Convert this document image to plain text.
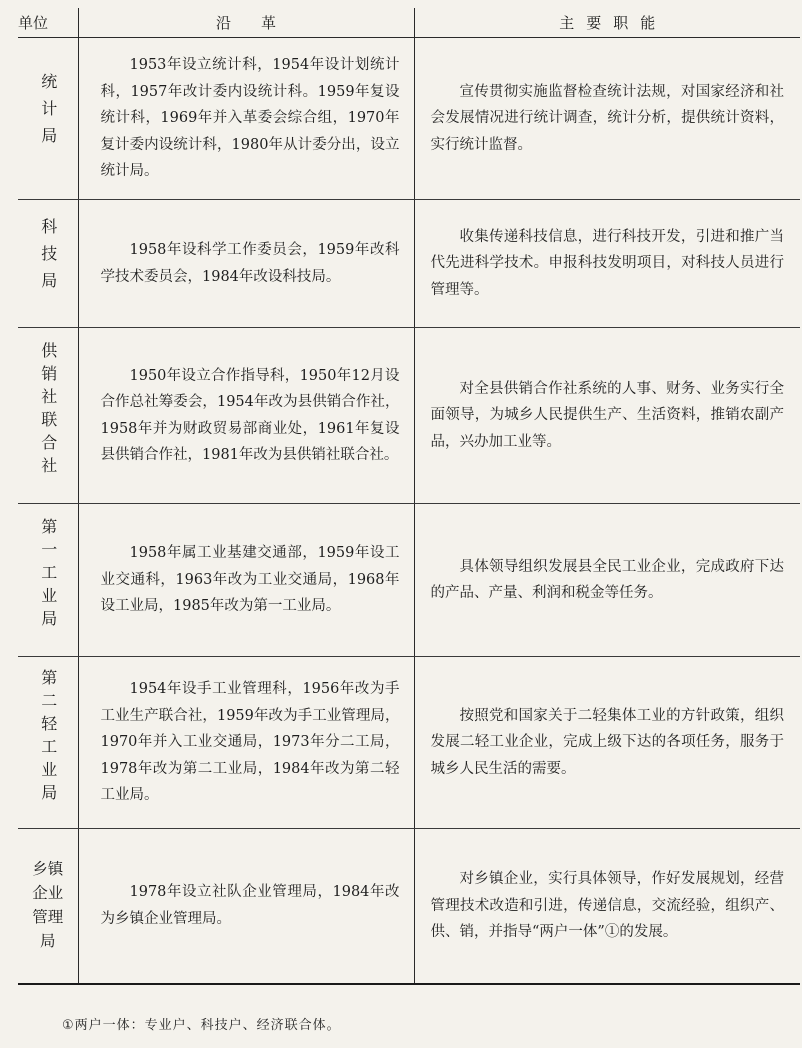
单位	沿革	主要职能
统计局	1953年设立统计科，1954年设计划统计科，1957年改计委内设统计科。1959年复设统计科，1969年并入革委会综合组，1970年复计委内设统计科，1980年从计委分出，设立统计局。	宣传贯彻实施监督检查统计法规，对国家经济和社会发展情况进行统计调查，统计分析，提供统计资料，实行统计监督。

科技局	1958年设科学工作委员会，1959年改科学技术委员会，1984年改设科技局。	收集传递科技信息，进行科技开发，引进和推广当代先进科学技术。申报科技发明项目，对科技人员进行管理等。

供销社联合社	1950年设立合作指导科，1950年12月设合作总社筹委会，1954年改为县供销合作社，1958年并为财政贸易部商业处，1961年复设县供销合作社，1981年改为县供销社联合社。	对全县供销合作社系统的人事、财务、业务实行全面领导，为城乡人民提供生产、生活资料，推销农副产品，兴办加工业等。

第一工业局	1958年属工业基建交通部，1959年设工业交通科，1963年改为工业交通局，1968年设工业局，1985年改为第一工业局。	具体领导组织发展县全民工业企业，完成政府下达的产品、产量、利润和税金等任务。

第二轻工业局	1954年设手工业管理科，1956年改为手工业生产联合社，1959年改为手工业管理局，1970年并入工业交通局，1973年分二工局，1978年改为第二工业局，1984年改为第二轻工业局。	按照党和国家关于二轻集体工业的方针政策，组织发展二轻工业企业，完成上级下达的各项任务，服务于城乡人民生活的需要。

乡镇企业管理局	1978年设立社队企业管理局，1984年改为乡镇企业管理局。	对乡镇企业，实行具体领导，作好发展规划，经营管理技术改造和引进，传递信息，交流经验，组织产、供、销，并指导“两户一体”①的发展。
①两户一体：专业户、科技户、经济联合体。
